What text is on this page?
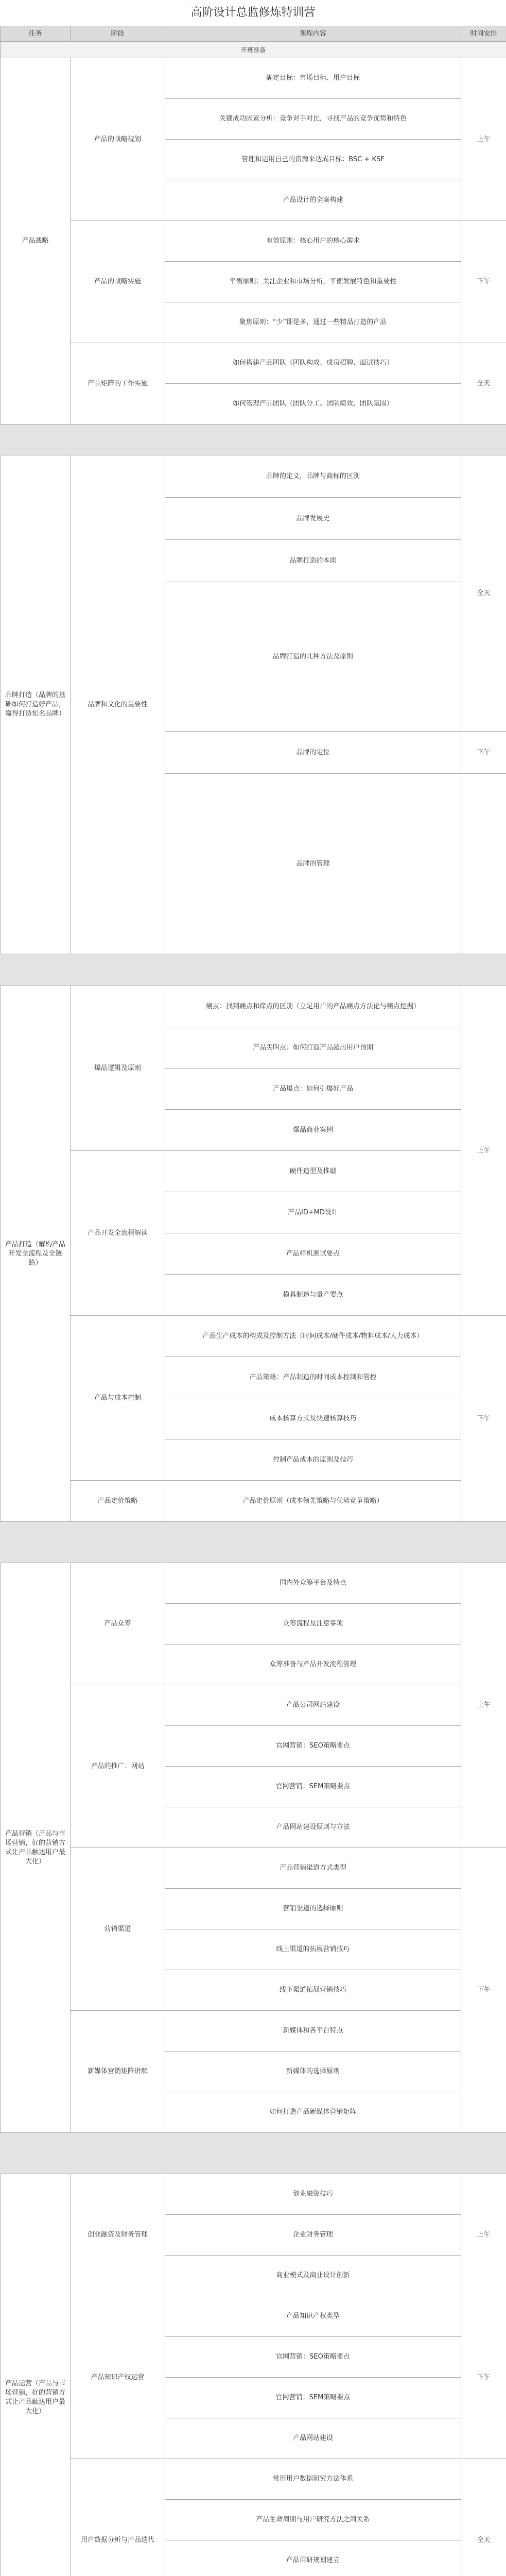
高阶设计总监修炼特训营
任务	阶段	课程内容	时间安排
开班准备			
产品战略	产品的战略规划	确定目标：市场目标、用户目标	上午
		关键成功因素分析：竞争对手对比，寻找产品的竞争优势和特色	
		管理和运用自己的资源来达成目标：BSC + KSF	
		产品设计的全案构建	
	产品的战略实施	有效原则：核心用户的核心需求	下午
		平衡原则：关注企业和市场分析，平衡发展特色和重要性	
		聚焦原则：“少”即是多，通过一些精品打造的产品	
	产品矩阵的工作实施	如何搭建产品团队（团队构成、成员招聘、面试技巧）	全天
		如何管理产品团队（团队分工、团队绩效、团队氛围）	

品牌打造（品牌的基础如何打造好产品，赢得打造知名品牌）	品牌和文化的重要性	品牌的定义，品牌与商标的区别	全天
		品牌发展史	
		品牌打造的本质	
		品牌打造的几种方法及原则	
		品牌的定位	下午
		品牌的管理	

产品打造（解构产品开发全流程及全链路）	爆品逻辑及原则	痛点：找到痛点和痒点的区别（立足用户的产品痛点方法论与痛点挖掘）	上午
		产品尖叫点：如何打造产品超出用户预期	
		产品爆点：如何引爆好产品	
		爆品商业案例	
	产品开发全流程解读	硬件造型及推敲	
		产品ID+MD设计	
		产品样机测试要点	
		模具制造与量产要点	
	产品与成本控制	产品生产成本的构成及控制方法（时间成本/硬件成本/物料成本/人力成本）	下午
		产品策略：产品制造的时间成本控制和管控	
		成本核算方式及快速核算技巧	
		控制产品成本的原则及技巧	
	产品定价策略	产品定价原则（成本领先策略与优势竞争策略）	

产品营销（产品与市场营销，好的营销方式让产品触达用户最大化）	产品众筹	国内外众筹平台及特点	上午
		众筹流程及注意事项	
		众筹准备与产品开发流程管理	
	产品的推广：网站	产品公司网站建设	
		官网营销：SEO策略要点	
		官网营销：SEM策略要点	
		产品网站建设原则与方法	
	营销渠道	产品营销渠道方式类型	下午
		营销渠道的选择原则	
		线上渠道的拓展营销技巧	
		线下渠道拓展营销技巧	
	新媒体营销矩阵讲解	新媒体和各平台特点	
		新媒体的选择原则	
		如何打造产品新媒体营销矩阵	

产品运营（产品与市场营销，好的营销方式让产品触达用户最大化）	创业融资及财务管理	创业融资技巧	上午
		企业财务管理	
		商业模式及商业设计创新	
	产品知识产权运营	产品知识产权类型	下午
		官网营销：SEO策略要点	
		官网营销：SEM策略要点	
		产品网站建设	
	用户数据分析与产品迭代	常用用户数据研究方法体系	全天
		产品生命周期与用户研究方法之间关系	
		产品用研规划建立	
